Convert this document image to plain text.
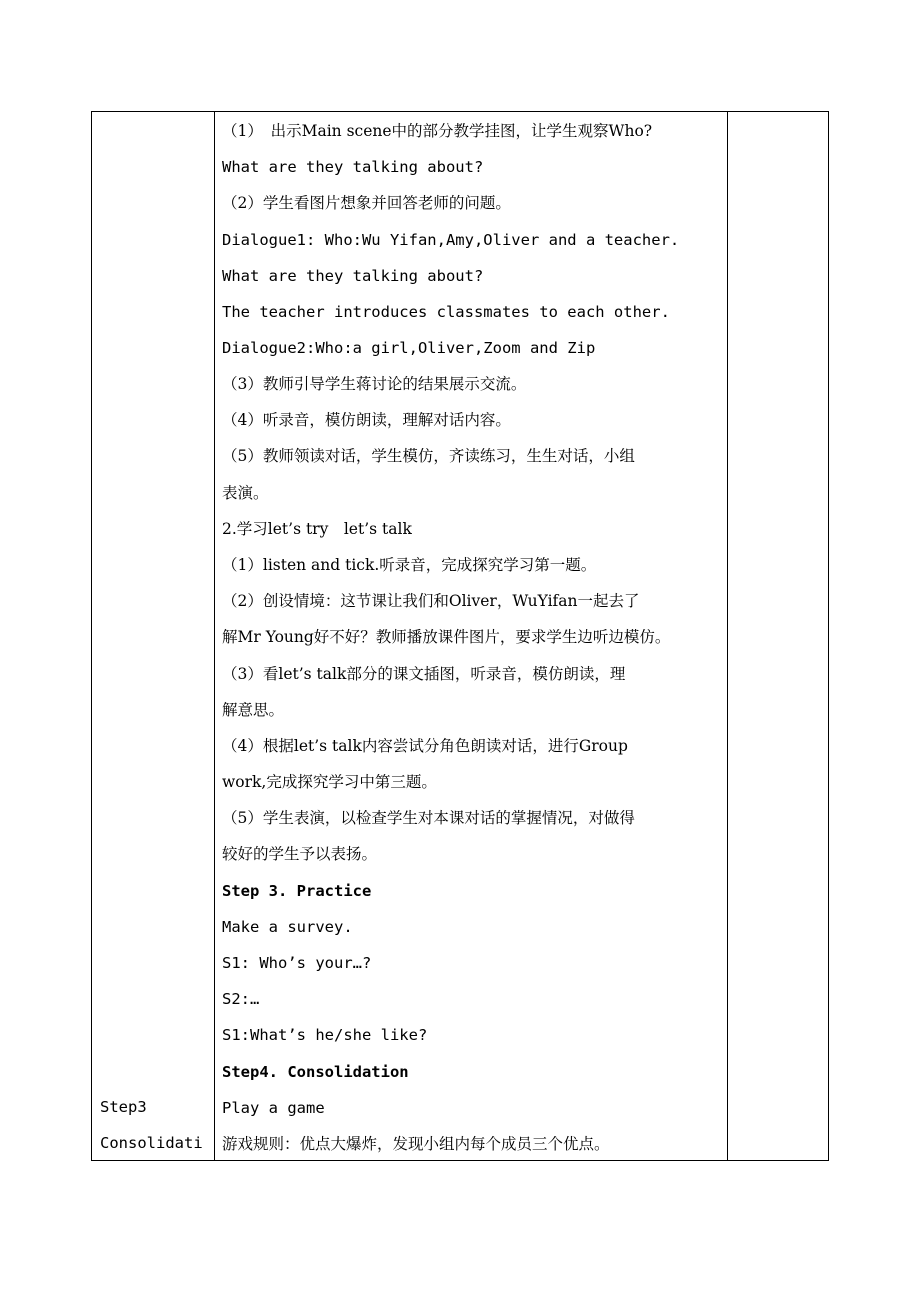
Step3
Consolidati
（1）　出示Main scene中的部分教学挂图，让学生观察Who?
What are they talking about?
（2）学生看图片想象并回答老师的问题。
Dialogue1: Who:Wu Yifan,Amy,Oliver and a teacher.
What are they talking about?
The teacher introduces classmates to each other.
Dialogue2:Who:a girl,Oliver,Zoom and Zip
（3）教师引导学生蒋讨论的结果展示交流。
（4）听录音，模仿朗读，理解对话内容。
（5）教师领读对话，学生模仿，齐读练习，生生对话，小组
表演。
2.学习let’s try　let’s talk
（1）listen and tick.听录音，完成探究学习第一题。
（2）创设情境：这节课让我们和Oliver，WuYifan一起去了
解Mr Young好不好？教师播放课件图片，要求学生边听边模仿。
（3）看let’s talk部分的课文插图，听录音，模仿朗读，理
解意思。
（4）根据let’s talk内容尝试分角色朗读对话，进行Group
work,完成探究学习中第三题。
（5）学生表演，以检查学生对本课对话的掌握情况，对做得
较好的学生予以表扬。
Step 3. Practice
Make a survey.
S1: Who’s your…?
S2:…
S1:What’s he/she like?
Step4. Consolidation
Play a game
游戏规则：优点大爆炸，发现小组内每个成员三个优点。
